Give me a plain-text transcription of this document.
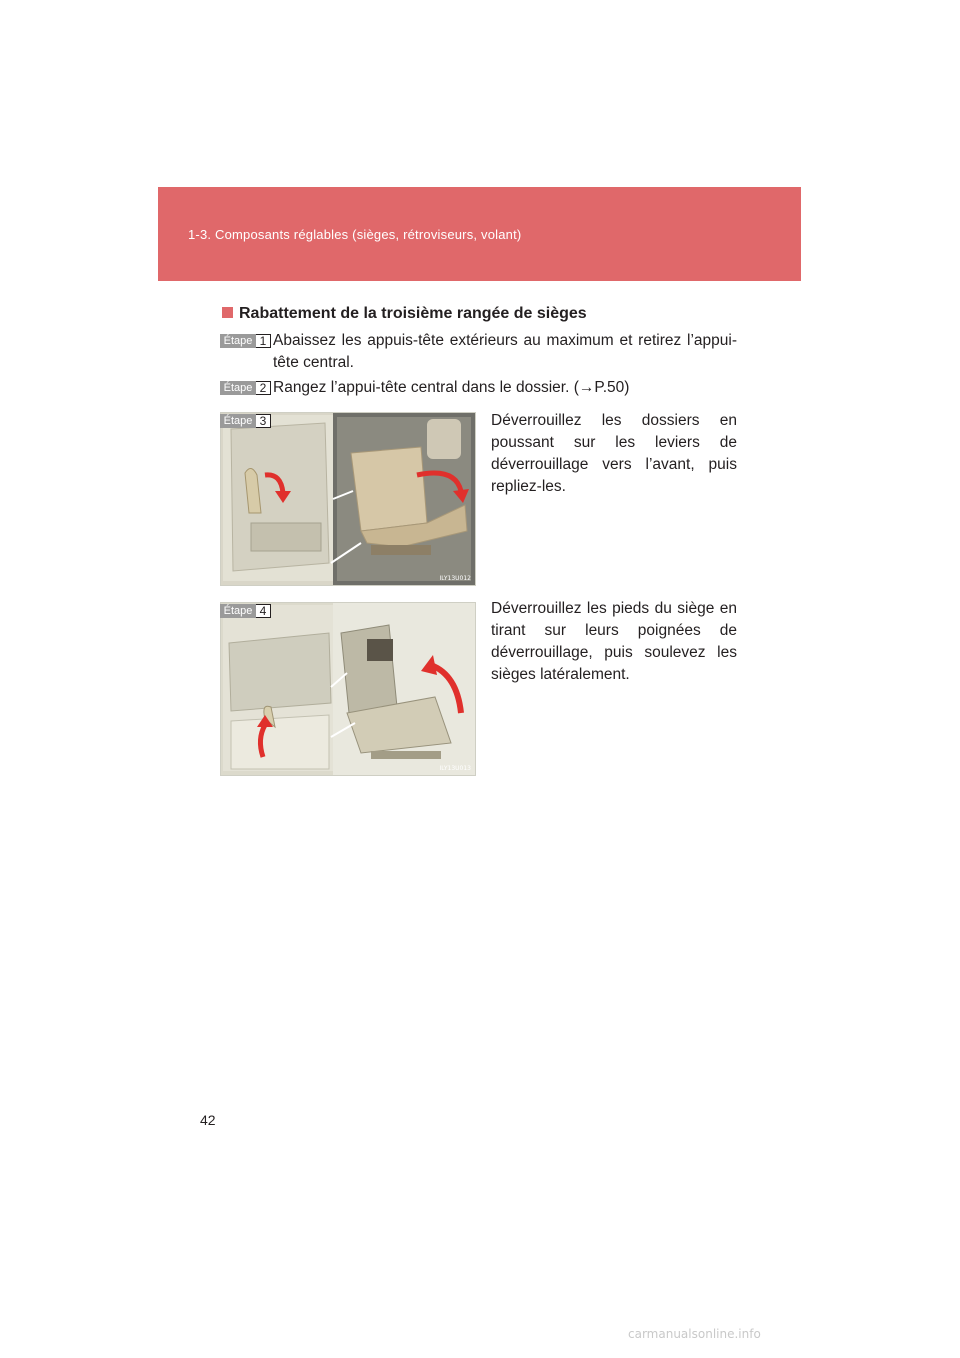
1-3. Composants réglables (sièges, rétroviseurs, volant)
Rabattement de la troisième rangée de sièges
Étape 1 Abaissez les appuis-tête extérieurs au maximum et retirez l’appui-tête central.
Étape 2 Rangez l’appui-tête central dans le dossier. (→P.50)
ILY13U012
Étape 3	Déverrouillez les dossiers en poussant sur les leviers de déverrouillage vers l’avant, puis repliez-les.
ILY13U013
Étape 4	Déverrouillez les pieds du siège en tirant sur leurs poignées de déverrouillage, puis soulevez les sièges latéralement.
42
carmanualsonline.info
